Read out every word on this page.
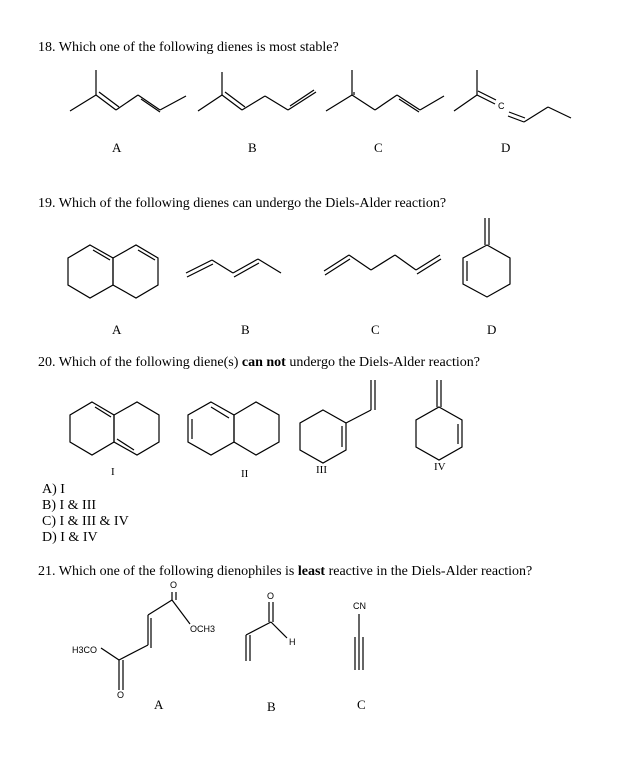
18. Which one of the following dienes is most stable?
19. Which of the following dienes can undergo the Diels-Alder reaction?
20. Which of the following diene(s) can not undergo the Diels-Alder reaction?
21. Which one of the following dienophiles is least reactive in the Diels-Alder reaction?
A	B	C	D
C
A	B	C	D
I	II	III	IV
A) I
B) I & III
C) I & III & IV
D) I & IV
O
OCH3
H3CO
O
O
H
CN
A	B	C
